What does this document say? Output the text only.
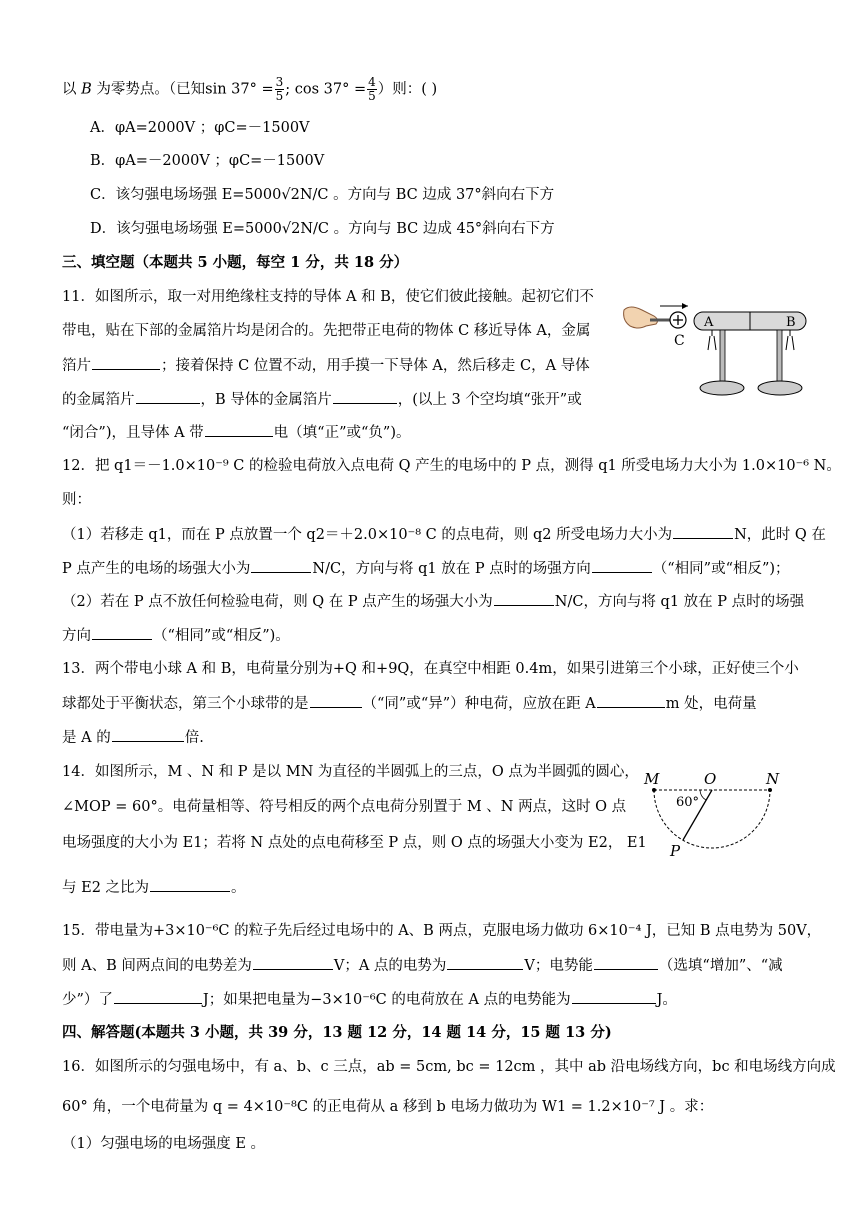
以 B 为零势点。（已知$\sin 37^\circ = \frac{3}{5}$ ; $\cos 37^\circ = \frac{4}{5}$ ）则：( )
A．φA=2000V ；φC=－1500V
B．φA=－2000V ；φC=－1500V
C．该匀强电场场强 E=5000√2N/C 。方向与 BC 边成 37°斜向右下方
D．该匀强电场场强 E=5000√2N/C 。方向与 BC 边成 45°斜向右下方
三、填空题（本题共 5 小题，每空 1 分，共 18 分）
11．如图所示，取一对用绝缘柱支持的导体 A 和 B，使它们彼此接触。起初它们不
带电，贴在下部的金属箔片均是闭合的。先把带正电荷的物体 C 移近导体 A，金属
箔片	；接着保持 C 位置不动，用手摸一下导体 A，然后移走 C，A 导体
的金属箔片	，B 导体的金属箔片	，(以上 3 个空均填“张开”或
“闭合”)，且导体 A 带	电（填“正”或“负”)。
C
A	B
12．把 q1＝－1.0×10⁻⁹ C 的检验电荷放入点电荷 Q 产生的电场中的 P 点，测得 q1 所受电场力大小为 1.0×10⁻⁶ N。
则：
（1）若移走 q1，而在 P 点放置一个 q2＝＋2.0×10⁻⁸ C 的点电荷，则 q2 所受电场力大小为	N，此时 Q 在
P 点产生的电场的场强大小为	N/C，方向与将 q1 放在 P 点时的场强方向	（“相同”或“相反”)；
（2）若在 P 点不放任何检验电荷，则 Q 在 P 点产生的场强大小为	N/C，方向与将 q1 放在 P 点时的场强
方向	（“相同”或“相反”)。
13．两个带电小球 A 和 B，电荷量分别为+Q 和+9Q，在真空中相距 0.4m，如果引进第三个小球，正好使三个小
球都处于平衡状态，第三个小球带的是	（“同”或“异”）种电荷，应放在距 A	m 处，电荷量
是 A 的	倍.
14．如图所示，M 、N 和 P 是以 MN 为直径的半圆弧上的三点，O 点为半圆弧的圆心，
∠MOP = 60°。电荷量相等、符号相反的两个点电荷分别置于 M 、N 两点，这时 O 点
电场强度的大小为 E1；若将 N 点处的点电荷移至 P 点，则 O 点的场强大小变为 E2， E1
与 E2 之比为	。
M	O	N
60°
P
15．带电量为+3×10⁻⁶C 的粒子先后经过电场中的 A、B 两点，克服电场力做功 6×10⁻⁴ J，已知 B 点电势为 50V，
则 A、B 间两点间的电势差为	V；A 点的电势为	V；电势能	（选填“增加”、“减
少”）了	J；如果把电量为−3×10⁻⁶C 的电荷放在 A 点的电势能为	J。
四、解答题(本题共 3 小题，共 39 分，13 题 12 分，14 题 14 分，15 题 13 分)
16．如图所示的匀强电场中，有 a、b、c 三点，ab = 5cm, bc = 12cm ，其中 ab 沿电场线方向，bc 和电场线方向成
60° 角，一个电荷量为 q = 4×10⁻⁸C 的正电荷从 a 移到 b 电场力做功为 W1 = 1.2×10⁻⁷ J 。求：
（1）匀强电场的电场强度 E 。
